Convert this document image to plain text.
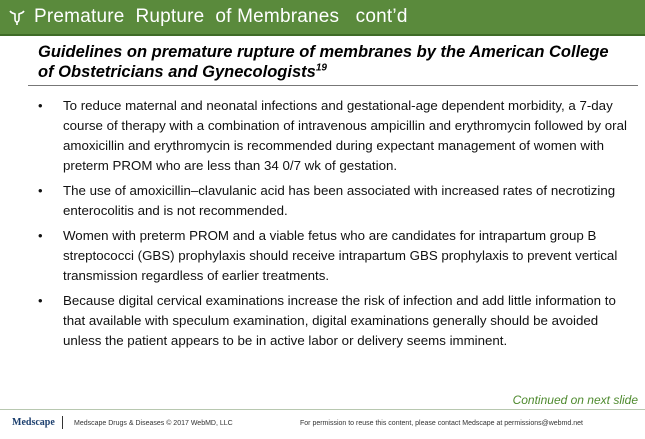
Premature  Rupture  of Membranes   cont’d
Guidelines on premature rupture of membranes by the American College of Obstetricians and Gynecologists$^{19}$
• To reduce maternal and neonatal infections and gestational-age dependent morbidity, a 7-day course of therapy with a combination of intravenous ampicillin and erythromycin followed by oral amoxicillin and erythromycin is recommended during expectant management of women with preterm PROM who are less than 34 0/7 wk of gestation.
• The use of amoxicillin–clavulanic acid has been associated with increased rates of necrotizing enterocolitis and is not recommended.
• Women with preterm PROM and a viable fetus who are candidates for intrapartum group B streptococci (GBS) prophylaxis should receive intrapartum GBS prophylaxis to prevent vertical transmission regardless of earlier treatments.
• Because digital cervical examinations increase the risk of infection and add little information to that available with speculum examination, digital examinations generally should be avoided unless the patient appears to be in active labor or delivery seems imminent.
Continued on next slide
Medscape	Medscape Drugs & Diseases © 2017 WebMD, LLC	For permission to reuse this content, please contact Medscape at permissions@webmd.net
